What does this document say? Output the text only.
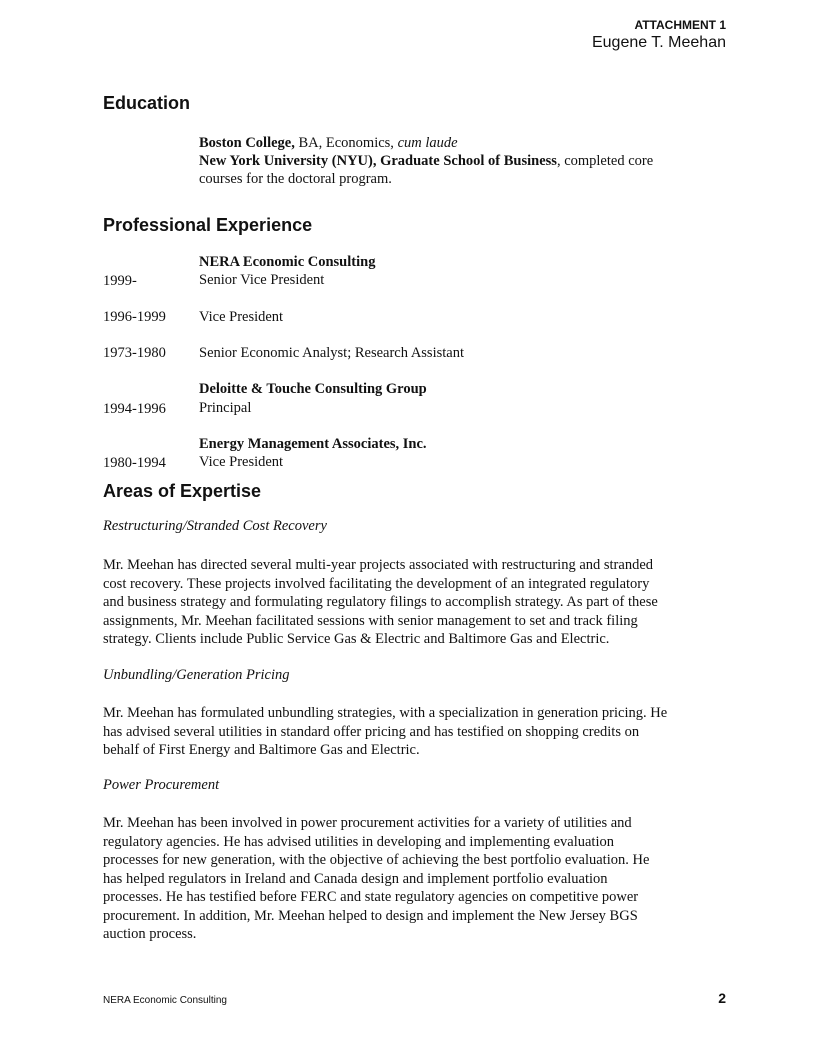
ATTACHMENT 1
Eugene T. Meehan
Education
Boston College, BA, Economics, cum laude
New York University (NYU), Graduate School of Business, completed core
courses for the doctoral program.
Professional Experience
NERA Economic Consulting
1999-	Senior Vice President
1996-1999 Vice President
1973-1980 Senior Economic Analyst; Research Assistant
Deloitte & Touche Consulting Group
1994-1996 Principal
Energy Management Associates, Inc.
1980-1994 Vice President
Areas of Expertise
Restructuring/Stranded Cost Recovery
Mr. Meehan has directed several multi-year projects associated with restructuring and stranded
cost recovery. These projects involved facilitating the development of an integrated regulatory
and business strategy and formulating regulatory filings to accomplish strategy. As part of these
assignments, Mr. Meehan facilitated sessions with senior management to set and track filing
strategy. Clients include Public Service Gas & Electric and Baltimore Gas and Electric.
Unbundling/Generation Pricing
Mr. Meehan has formulated unbundling strategies, with a specialization in generation pricing. He
has advised several utilities in standard offer pricing and has testified on shopping credits on
behalf of First Energy and Baltimore Gas and Electric.
Power Procurement
Mr. Meehan has been involved in power procurement activities for a variety of utilities and
regulatory agencies. He has advised utilities in developing and implementing evaluation
processes for new generation, with the objective of achieving the best portfolio evaluation. He
has helped regulators in Ireland and Canada design and implement portfolio evaluation
processes. He has testified before FERC and state regulatory agencies on competitive power
procurement. In addition, Mr. Meehan helped to design and implement the New Jersey BGS
auction process.
NERA Economic Consulting	2
